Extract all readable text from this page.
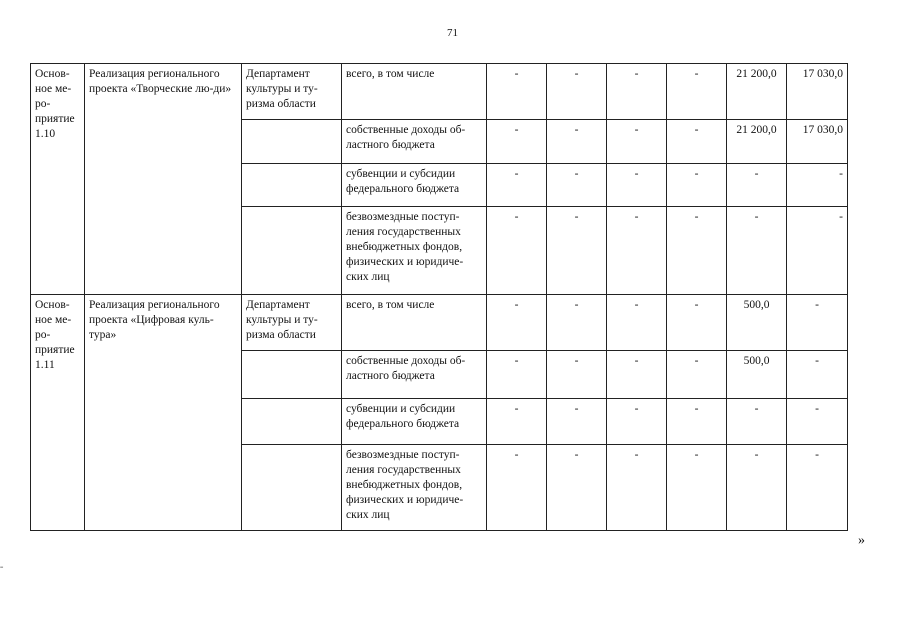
71
Основ-ное ме-ро-приятие 1.10	Реализация регионального проекта «Творческие лю-ди»	Департамент культуры и ту-ризма области	всего, в том числе	-	-	-	-	21 200,0	17 030,0
			собственные доходы об-ластного бюджета	-	-	-	-	21 200,0	17 030,0
			субвенции и субсидии федерального бюджета	-	-	-	-	-	-
			безвозмездные поступ-ления государственных внебюджетных фондов, физических и юридиче-ских лиц	-	-	-	-	-	-
Основ-ное ме-ро-приятие 1.11	Реализация регионального проекта «Цифровая куль-тура»	Департамент культуры и ту-ризма области	всего, в том числе	-	-	-	-	500,0	-
			собственные доходы об-ластного бюджета	-	-	-	-	500,0	-
			субвенции и субсидии федерального бюджета	-	-	-	-	-	-
			безвозмездные поступ-ления государственных внебюджетных фондов, физических и юридиче-ских лиц	-	-	-	-	-	-
»
≡
